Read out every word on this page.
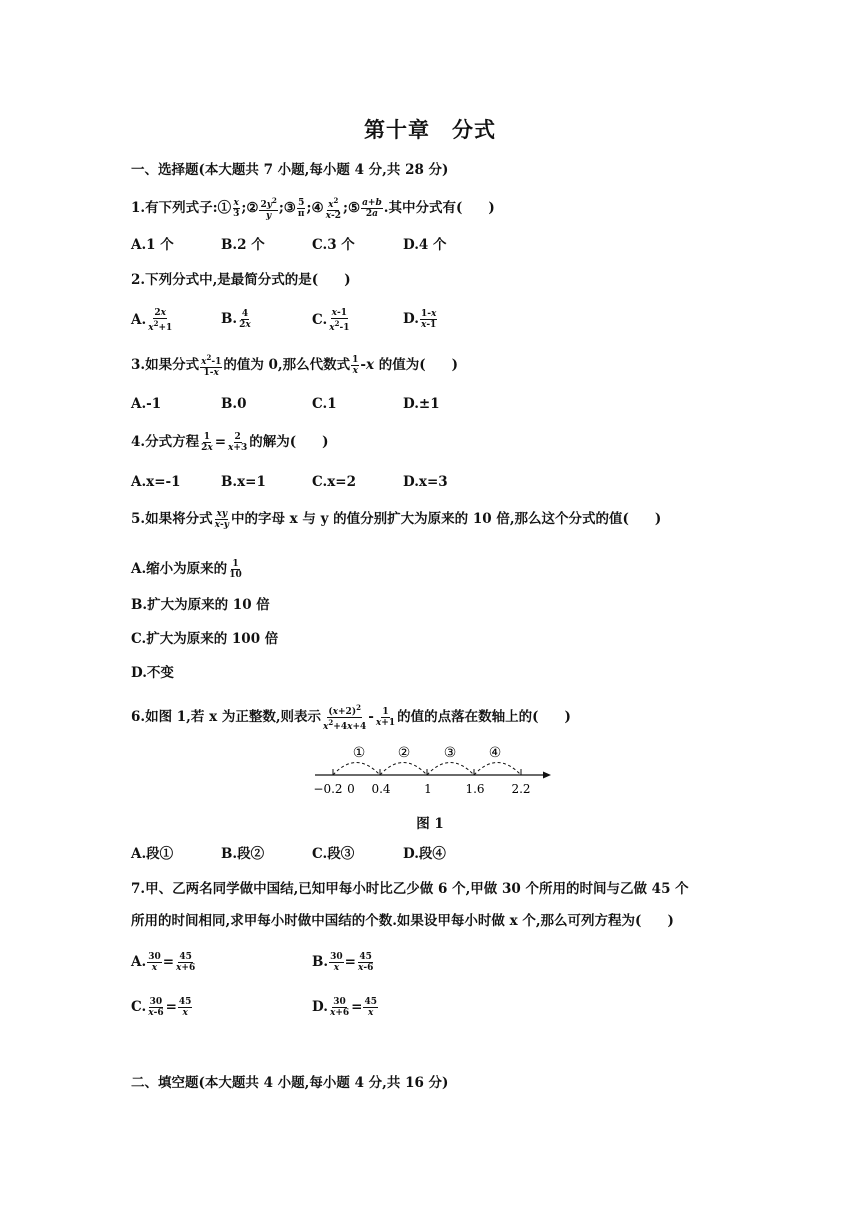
第十章 分式
一、选择题(本大题共 7 小题,每小题 4 分,共 28 分)
1.有下列式子:① $\frac{x}{3}$ ;② $\frac{2y^2}{y}$ ;③ $\frac{5}{\pi}$ ;④ $\frac{x^2}{x-2}$ ;⑤ $\frac{a+b}{2a}$ .其中分式有( )
A.1 个	B.2 个	C.3 个	D.4 个
2.下列分式中,是最简分式的是( )
A. $\frac{2x}{x^2+1}$	B. $\frac{4}{2x}$	C. $\frac{x-1}{x^2-1}$	D. $\frac{1-x}{x-1}$
3.如果分式 $\frac{x^2-1}{1-x}$ 的值为 0,那么代数式 $\frac{1}{x} -x$ 的值为( )
A.-1	B.0	C.1	D.±1
4.分式方程 $\frac{1}{2x} = \frac{2}{x+3}$ 的解为( )
A.x=-1	B.x=1	C.x=2	D.x=3
5.如果将分式 $\frac{xy}{x-y}$ 中的字母 x 与 y 的值分别扩大为原来的 10 倍,那么这个分式的值( )
A.缩小为原来的 $\frac{1}{10}$
B.扩大为原来的 10 倍
C.扩大为原来的 100 倍
D.不变
6.如图 1,若 x 为正整数,则表示 $\frac{(x+2)^2}{x^2+4x+4} - \frac{1}{x+1}$ 的值的点落在数轴上的( )
① ② ③ ④
−0.2 0 0.4	1	1.6 2.2
图 1
A.段①	B.段②	C.段③	D.段④
7.甲、乙两名同学做中国结,已知甲每小时比乙少做 6 个,甲做 30 个所用的时间与乙做 45 个
所用的时间相同,求甲每小时做中国结的个数.如果设甲每小时做 x 个,那么可列方程为( )
A. $\frac{30}{x} = \frac{45}{x+6}$	B. $\frac{30}{x} = \frac{45}{x-6}$
C. $\frac{30}{x-6} = \frac{45}{x}$	D. $\frac{30}{x+6} = \frac{45}{x}$
二、填空题(本大题共 4 小题,每小题 4 分,共 16 分)
